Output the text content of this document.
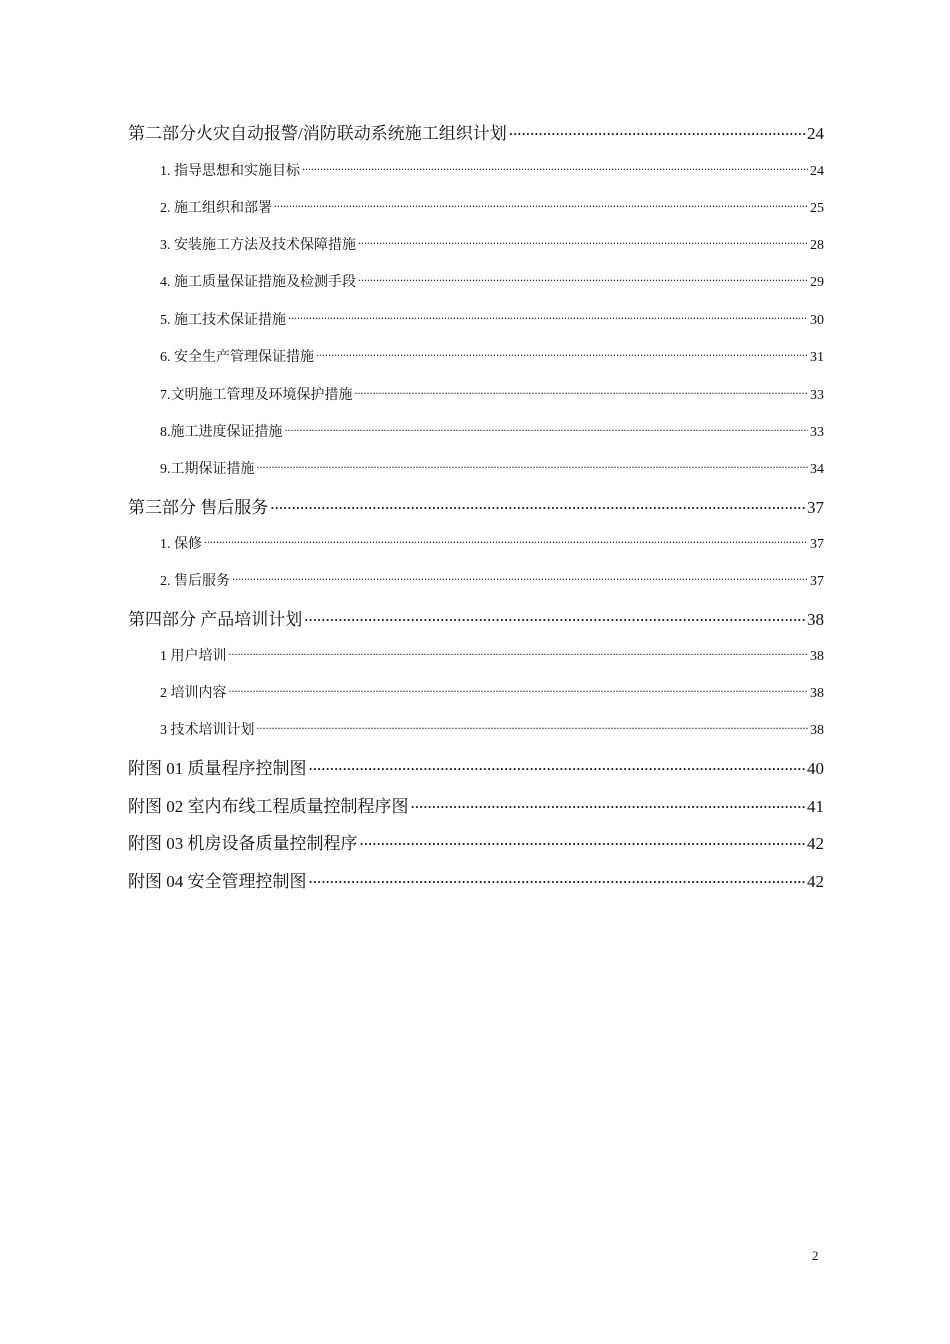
第二部分火灾自动报警/消防联动系统施工组织计划 .....	24
1. 指导思想和实施目标 .....	24
2. 施工组织和部署 .....	25
3. 安装施工方法及技术保障措施 .....	28
4. 施工质量保证措施及检测手段 .....	29
5. 施工技术保证措施 .....	30
6. 安全生产管理保证措施 .....	31
7.文明施工管理及环境保护措施 .....	33
8.施工进度保证措施 .....	33
9.工期保证措施 .....	34
第三部分 售后服务 .....	37
1. 保修 .....	37
2. 售后服务 .....	37
第四部分 产品培训计划 .....	38
1 用户培训 .....	38
2 培训内容 .....	38
3 技术培训计划 .....	38
附图 01 质量程序控制图 .....	40
附图 02 室内布线工程质量控制程序图 .....	41
附图 03 机房设备质量控制程序 .....	42
附图 04 安全管理控制图 .....	42
2
